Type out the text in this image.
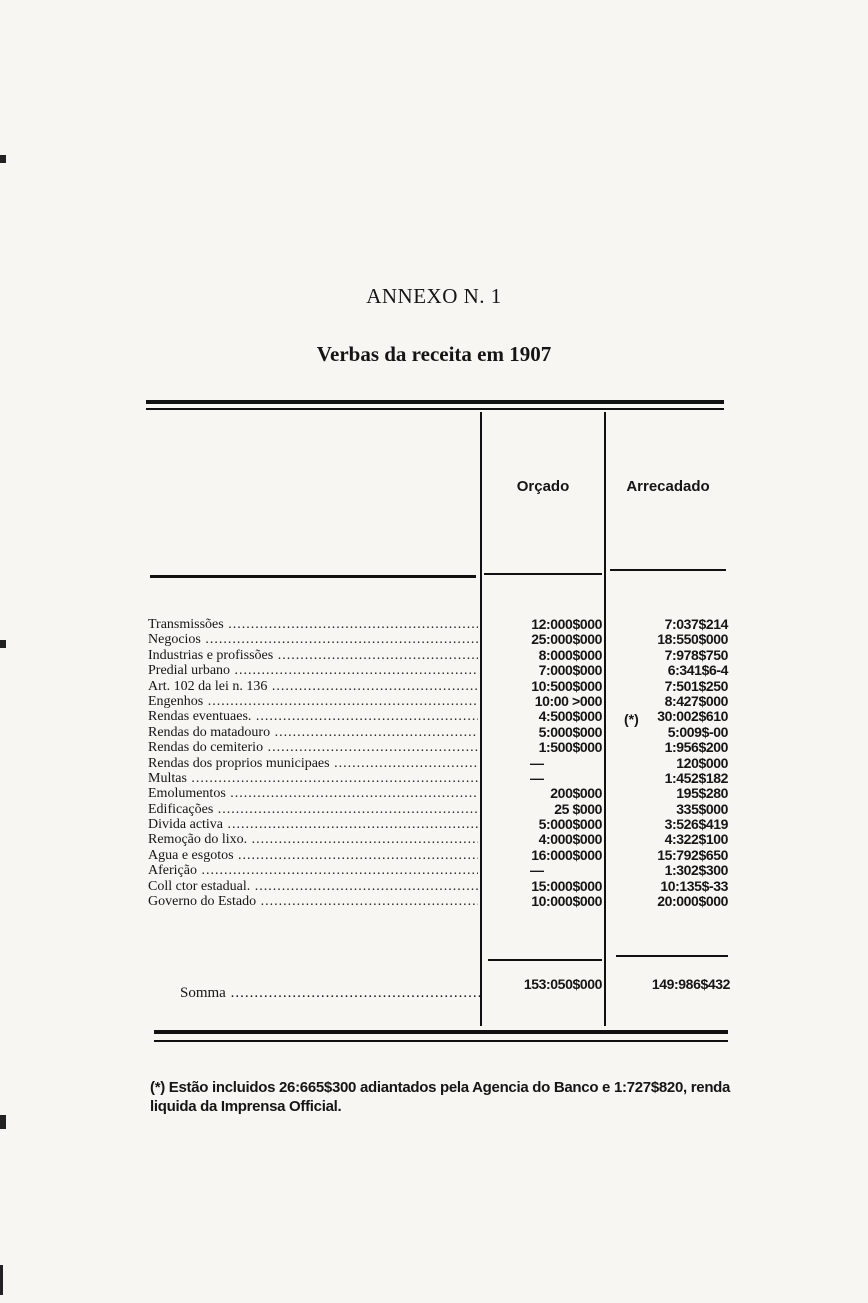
ANNEXO N. 1
Verbas da receita em 1907
Orçado	Arrecadado
Transmissões .....
Negocios .....
Industrias e profissões .....
Predial urbano .....
Art. 102 da lei n. 136 .....
Engenhos .....
Rendas eventuaes. .....
Rendas do matadouro .....
Rendas do cemiterio .....
Rendas dos proprios municipaes .....
Multas .....
Emolumentos .....
Edificações .....
Divida activa .....
Remoção do lixo. .....
Agua e esgotos .....
Aferição .....
Coll ctor estadual. .....
Governo do Estado .....
12:000$000
25:000$000
8:000$000
7:000$000
10:500$000
10:00 >000
4:500$000
5:000$000
1:500$000
—
—
200$000
25 $000
5:000$000
4:000$000
16:000$000
—
15:000$000
10:000$000
(*)
7:037$214
18:550$000
7:978$750
6:341$6-4
7:501$250
8:427$000
30:002$610
5:009$-00
1:956$200
120$000
1:452$182
195$280
335$000
3:526$419
4:322$100
15:792$650
1:302$300
10:135$-33
20:000$000
Somma .....
153:050$000	149:986$432
(*) Estão incluidos 26:665$300 adiantados pela Agencia do Banco e 1:727$820, renda liquida da Imprensa Official.
